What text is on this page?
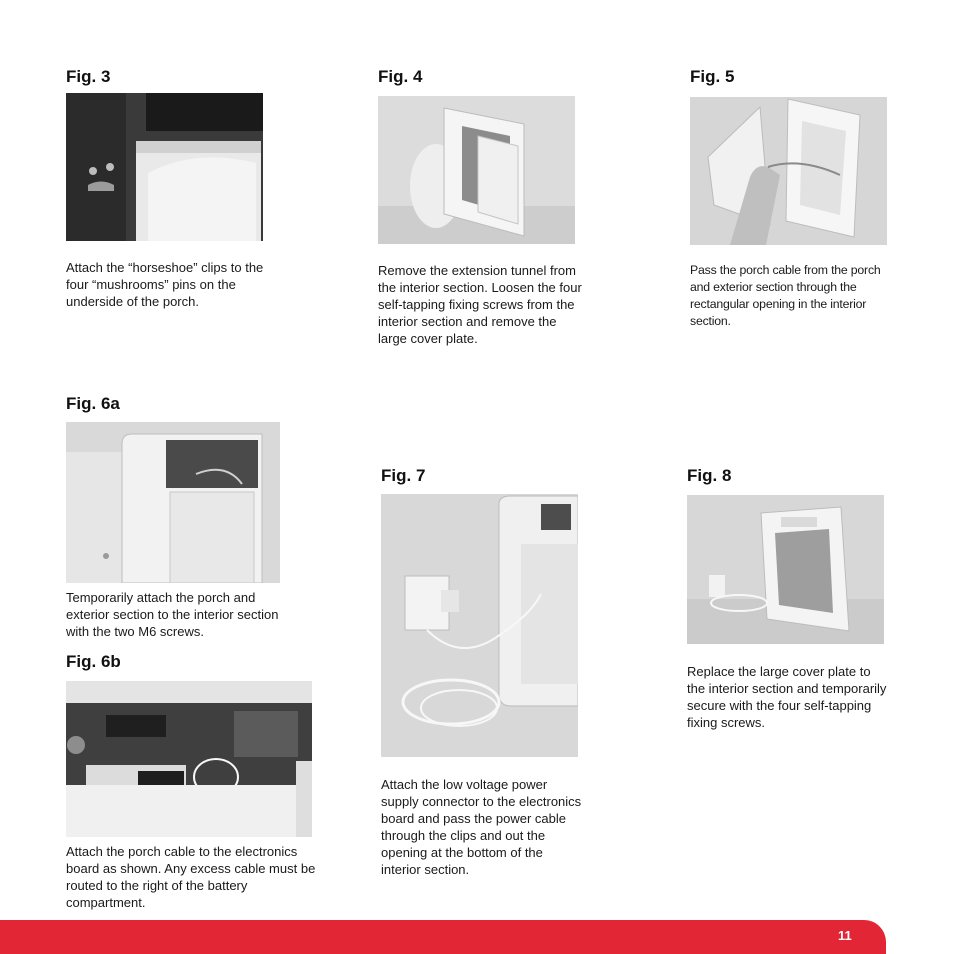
Fig. 3

Attach the “horseshoe” clips to the four “mushrooms” pins on the underside of the porch.

Fig. 4

Remove the extension tunnel from the interior section. Loosen the four self-tapping fixing screws from the interior section and remove the large cover plate.

Fig. 5

Pass the porch cable from the porch and exterior section through the rectangular opening in the interior section.

Fig. 6a

Temporarily attach the porch and exterior section to the interior section with the two M6 screws.

Fig. 6b

Attach the porch cable to the electronics board as shown. Any excess cable must be routed to the right of the battery compartment.

Fig. 7

Attach the low voltage power supply connector to the electronics board and pass the power cable through the clips and out the opening at the bottom of the interior section.

Fig. 8

Replace the large cover plate to the interior section and temporarily secure with the four self-tapping fixing screws.

11
